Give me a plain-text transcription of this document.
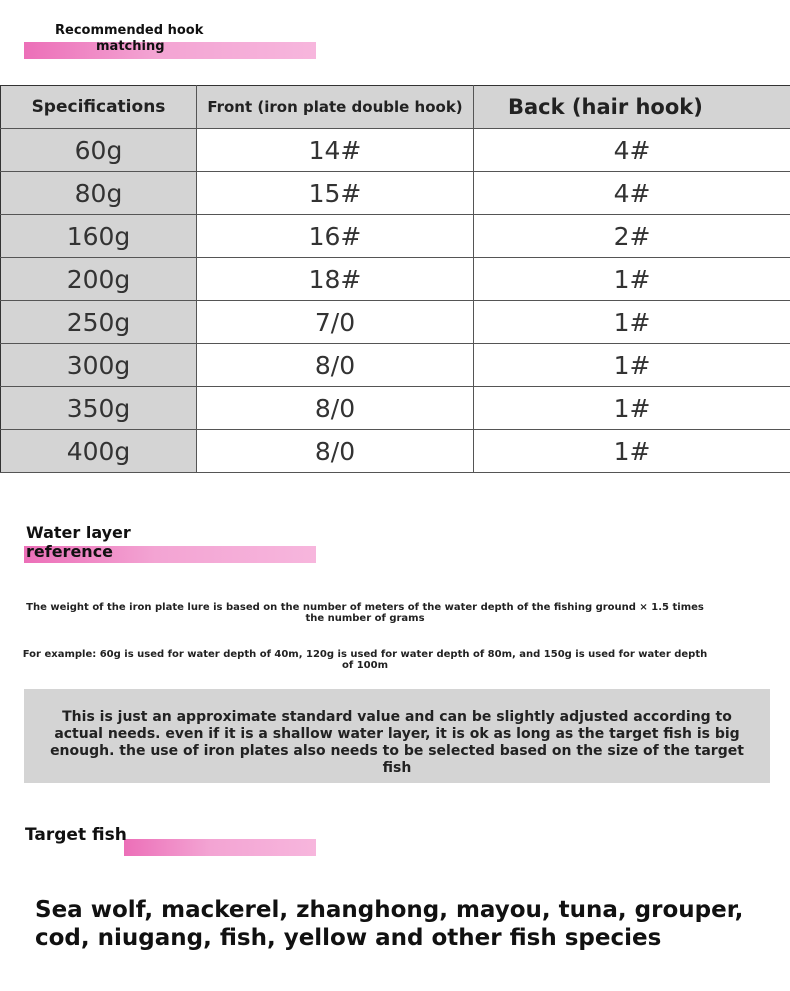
Recommended hook
matching
Specifications	Front (iron plate double hook)	Back (hair hook)
60g	14#	4#
80g	15#	4#
160g	16#	2#
200g	18#	1#
250g	7/0	1#
300g	8/0	1#
350g	8/0	1#
400g	8/0	1#
Water layer
reference
The weight of the iron plate lure is based on the number of meters of the water depth of the fishing ground × 1.5 times the number of grams
For example: 60g is used for water depth of 40m, 120g is used for water depth of 80m, and 150g is used for water depth of 100m

This is just an approximate standard value and can be slightly adjusted according to actual needs. even if it is a shallow water layer, it is ok as long as the target fish is big enough. the use of iron plates also needs to be selected based on the size of the target fish

Target fish
Sea wolf, mackerel, zhanghong, mayou, tuna, grouper, cod, niugang, fish, yellow and other fish species
